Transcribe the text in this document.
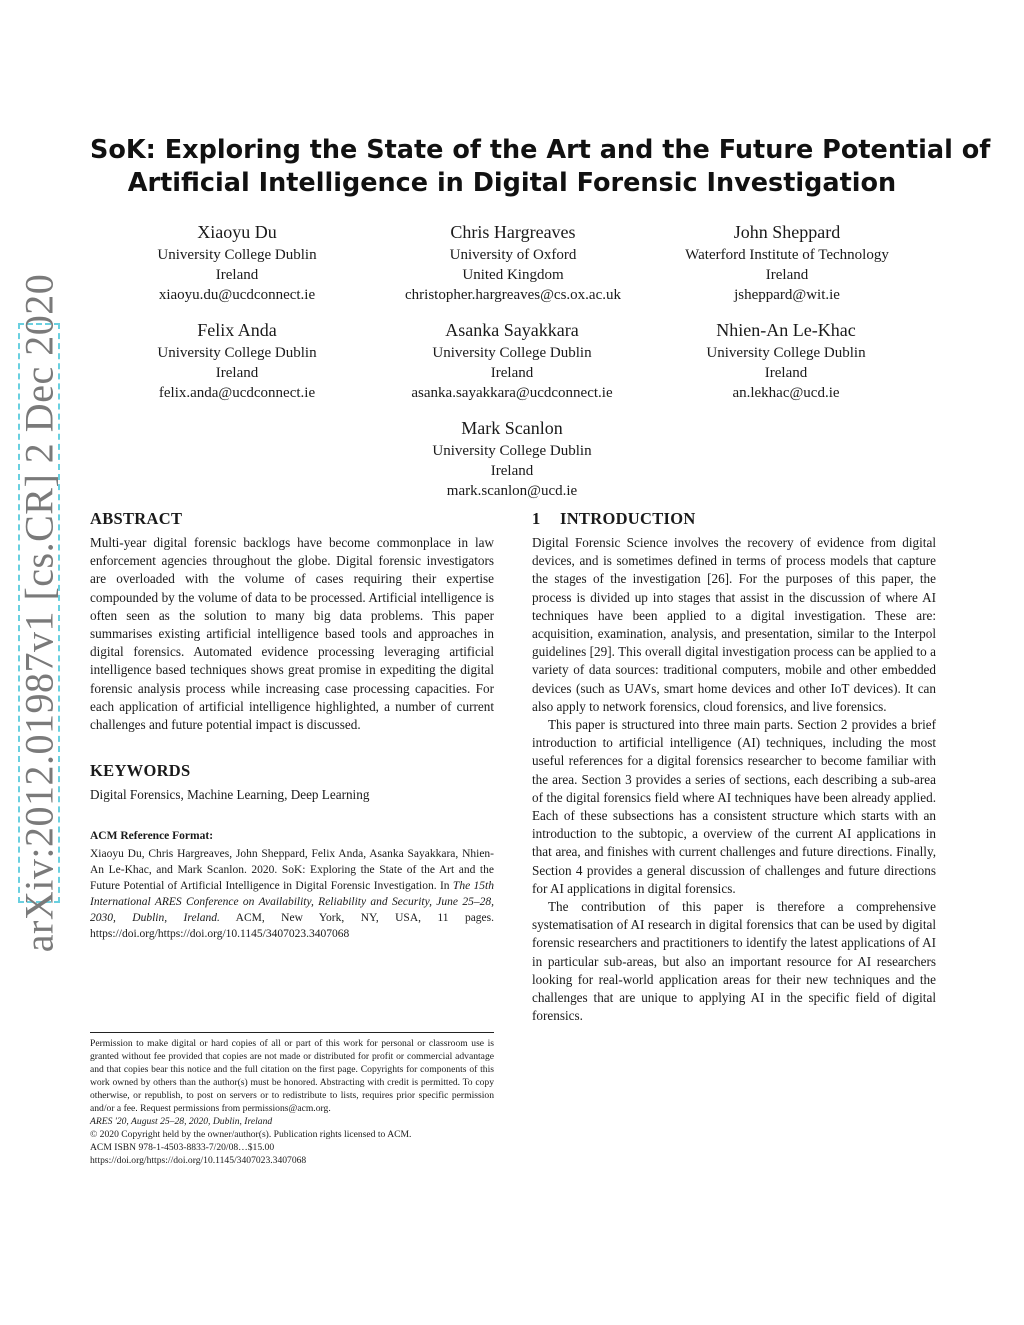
arXiv:2012.01987v1 [cs.CR] 2 Dec 2020
SoK: Exploring the State of the Art and the Future Potential of
Artificial Intelligence in Digital Forensic Investigation
Xiaoyu Du
University College Dublin
Ireland
xiaoyu.du@ucdconnect.ie
Chris Hargreaves
University of Oxford
United Kingdom
christopher.hargreaves@cs.ox.ac.uk
John Sheppard
Waterford Institute of Technology
Ireland
jsheppard@wit.ie
Felix Anda
University College Dublin
Ireland
felix.anda@ucdconnect.ie
Asanka Sayakkara
University College Dublin
Ireland
asanka.sayakkara@ucdconnect.ie
Nhien-An Le-Khac
University College Dublin
Ireland
an.lekhac@ucd.ie
Mark Scanlon
University College Dublin
Ireland
mark.scanlon@ucd.ie
ABSTRACT

Multi-year digital forensic backlogs have become commonplace in law enforcement agencies throughout the globe. Digital forensic investigators are overloaded with the volume of cases requiring their expertise compounded by the volume of data to be processed. Artificial intelligence is often seen as the solution to many big data problems. This paper summarises existing artificial intelligence based tools and approaches in digital forensics. Automated evidence processing leveraging artificial intelligence based techniques shows great promise in expediting the digital forensic analysis process while increasing case processing capacities. For each application of artificial intelligence highlighted, a number of current challenges and future potential impact is discussed.

KEYWORDS

Digital Forensics, Machine Learning, Deep Learning

ACM Reference Format:

Xiaoyu Du, Chris Hargreaves, John Sheppard, Felix Anda, Asanka Sayakkara, Nhien-An Le-Khac, and Mark Scanlon. 2020. SoK: Exploring the State of the Art and the Future Potential of Artificial Intelligence in Digital Forensic Investigation. In The 15th International ARES Conference on Availability, Reliability and Security, June 25–28, 2030, Dublin, Ireland. ACM, New York, NY, USA, 11 pages. https://doi.org/https://doi.org/10.1145/3407023.3407068

Permission to make digital or hard copies of all or part of this work for personal or classroom use is granted without fee provided that copies are not made or distributed for profit or commercial advantage and that copies bear this notice and the full citation on the first page. Copyrights for components of this work owned by others than the author(s) must be honored. Abstracting with credit is permitted. To copy otherwise, or republish, to post on servers or to redistribute to lists, requires prior specific permission and/or a fee. Request permissions from permissions@acm.org.

ARES '20, August 25–28, 2020, Dublin, Ireland

© 2020 Copyright held by the owner/author(s). Publication rights licensed to ACM.

ACM ISBN 978-1-4503-8833-7/20/08…$15.00

https://doi.org/https://doi.org/10.1145/3407023.3407068

1 INTRODUCTION

Digital Forensic Science involves the recovery of evidence from digital devices, and is sometimes defined in terms of process models that capture the stages of the investigation [26]. For the purposes of this paper, the process is divided up into stages that assist in the discussion of where AI techniques have been applied to a digital investigation. These are: acquisition, examination, analysis, and presentation, similar to the Interpol guidelines [29]. This overall digital investigation process can be applied to a variety of data sources: traditional computers, mobile and other embedded devices (such as UAVs, smart home devices and other IoT devices). It can also apply to network forensics, cloud forensics, and live forensics.

This paper is structured into three main parts. Section 2 provides a brief introduction to artificial intelligence (AI) techniques, including the most useful references for a digital forensics researcher to become familiar with the area. Section 3 provides a series of sections, each describing a sub-area of the digital forensics field where AI techniques have been already applied. Each of these subsections has a consistent structure which starts with an introduction to the subtopic, a overview of the current AI applications in that area, and finishes with current challenges and future directions. Finally, Section 4 provides a general discussion of challenges and future directions for AI applications in digital forensics.

The contribution of this paper is therefore a comprehensive systematisation of AI research in digital forensics that can be used by digital forensic researchers and practitioners to identify the latest applications of AI in particular sub-areas, but also an important resource for AI researchers looking for real-world application areas for their new techniques and the challenges that are unique to applying AI in the specific field of digital forensics.
